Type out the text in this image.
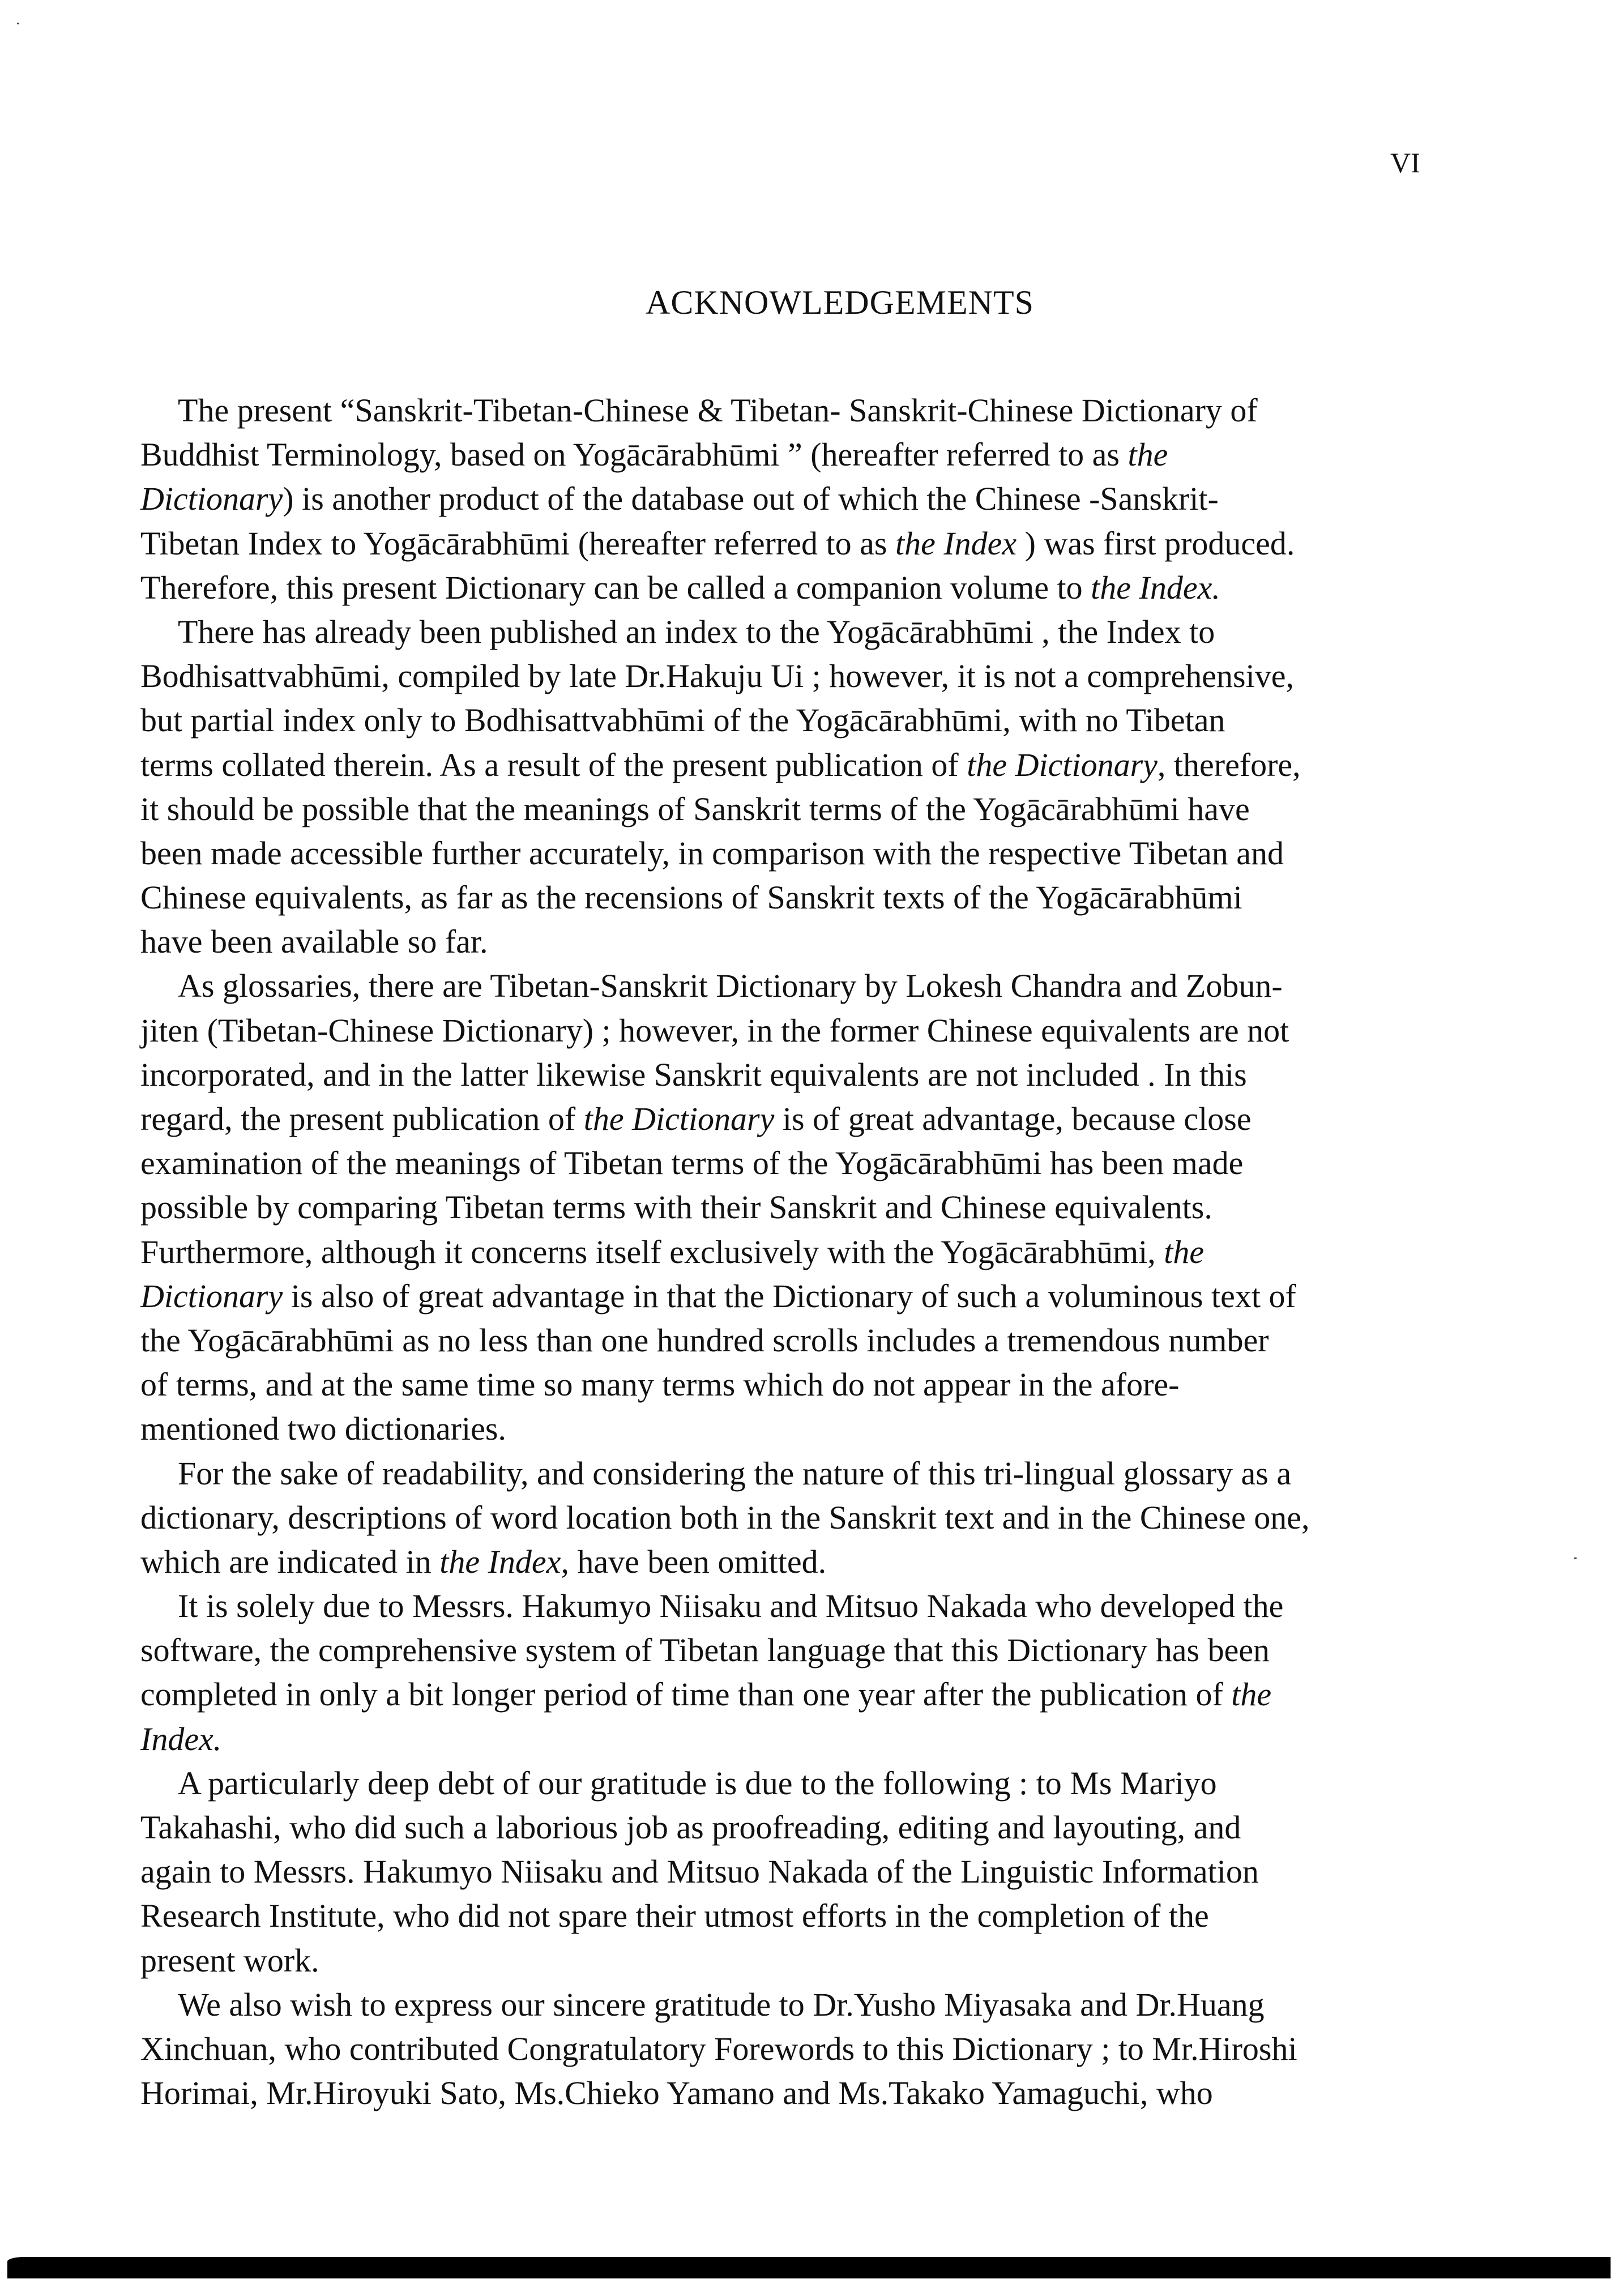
VI
ACKNOWLEDGEMENTS
The present “Sanskrit-Tibetan-Chinese & Tibetan- Sanskrit-Chinese Dictionary of
Buddhist Terminology, based on Yogācārabhūmi ” (hereafter referred to as the
Dictionary) is another product of the database out of which the Chinese -Sanskrit-
Tibetan Index to Yogācārabhūmi (hereafter referred to as the Index ) was first produced.
Therefore, this present Dictionary can be called a companion volume to the Index.
There has already been published an index to the Yogācārabhūmi , the Index to
Bodhisattvabhūmi, compiled by late Dr.Hakuju Ui ; however, it is not a comprehensive,
but partial index only to Bodhisattvabhūmi of the Yogācārabhūmi, with no Tibetan
terms collated therein. As a result of the present publication of the Dictionary, therefore,
it should be possible that the meanings of Sanskrit terms of the Yogācārabhūmi have
been made accessible further accurately, in comparison with the respective Tibetan and
Chinese equivalents, as far as the recensions of Sanskrit texts of the Yogācārabhūmi
have been available so far.
As glossaries, there are Tibetan-Sanskrit Dictionary by Lokesh Chandra and Zobun-
jiten (Tibetan-Chinese Dictionary) ; however, in the former Chinese equivalents are not
incorporated, and in the latter likewise Sanskrit equivalents are not included . In this
regard, the present publication of the Dictionary is of great advantage, because close
examination of the meanings of Tibetan terms of the Yogācārabhūmi has been made
possible by comparing Tibetan terms with their Sanskrit and Chinese equivalents.
Furthermore, although it concerns itself exclusively with the Yogācārabhūmi, the
Dictionary is also of great advantage in that the Dictionary of such a voluminous text of
the Yogācārabhūmi as no less than one hundred scrolls includes a tremendous number
of terms, and at the same time so many terms which do not appear in the afore-
mentioned two dictionaries.
For the sake of readability, and considering the nature of this tri-lingual glossary as a
dictionary, descriptions of word location both in the Sanskrit text and in the Chinese one,
which are indicated in the Index, have been omitted.
It is solely due to Messrs. Hakumyo Niisaku and Mitsuo Nakada who developed the
software, the comprehensive system of Tibetan language that this Dictionary has been
completed in only a bit longer period of time than one year after the publication of the
Index.
A particularly deep debt of our gratitude is due to the following : to Ms Mariyo
Takahashi, who did such a laborious job as proofreading, editing and layouting, and
again to Messrs. Hakumyo Niisaku and Mitsuo Nakada of the Linguistic Information
Research Institute, who did not spare their utmost efforts in the completion of the
present work.
We also wish to express our sincere gratitude to Dr.Yusho Miyasaka and Dr.Huang
Xinchuan, who contributed Congratulatory Forewords to this Dictionary ; to Mr.Hiroshi
Horimai, Mr.Hiroyuki Sato, Ms.Chieko Yamano and Ms.Takako Yamaguchi, who
